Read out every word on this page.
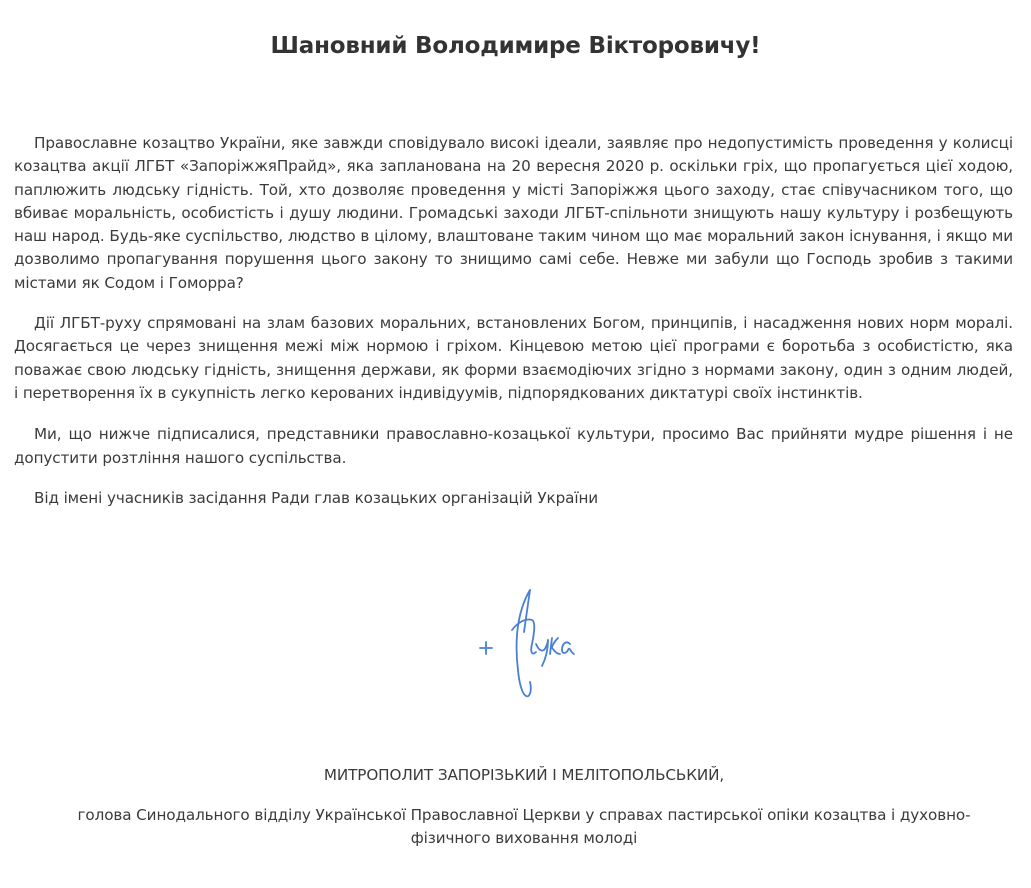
Шановний Володимире Вікторовичу!

Православне козацтво України, яке завжди сповідувало високі ідеали, заявляє про недопустимість проведення у колисці козацтва акції ЛГБТ «ЗапоріжжяПрайд», яка запланована на 20 вересня 2020 р. оскільки гріх, що пропагується цієї ходою, паплюжить людську гідність. Той, хто дозволяє проведення у місті Запоріжжя цього заходу, стає співучасником того, що вбиває моральність, особистість і душу людини. Громадські заходи ЛГБТ-спільноти знищують нашу культуру і розбещують наш народ. Будь-яке суспільство, людство в цілому, влаштоване таким чином що має моральний закон існування, і якщо ми дозволимо пропагування порушення цього закону то знищимо самі себе. Невже ми забули що Господь зробив з такими містами як Содом і Гоморра?

Дії ЛГБТ-руху спрямовані на злам базових моральних, встановлених Богом, принципів, і насадження нових норм моралі. Досягається це через знищення межі між нормою і гріхом. Кінцевою метою цієї програми є боротьба з особистістю, яка поважає свою людську гідність, знищення держави, як форми взаємодіючих згідно з нормами закону, один з одним людей, і перетворення їх в сукупність легко керованих індивідуумів, підпорядкованих диктатурі своїх інстинктів.

Ми, що нижче підписалися, представники православно-козацької культури, просимо Вас прийняти мудре рішення і не допустити розтління нашого суспільства.

Від імені учасників засідання Ради глав козацьких організацій України

МИТРОПОЛИТ ЗАПОРІЗЬКИЙ І МЕЛІТОПОЛЬСЬКИЙ,

голова Синодального відділу Української Православної Церкви у справах пастирської опіки козацтва і духовно-фізичного виховання молоді
